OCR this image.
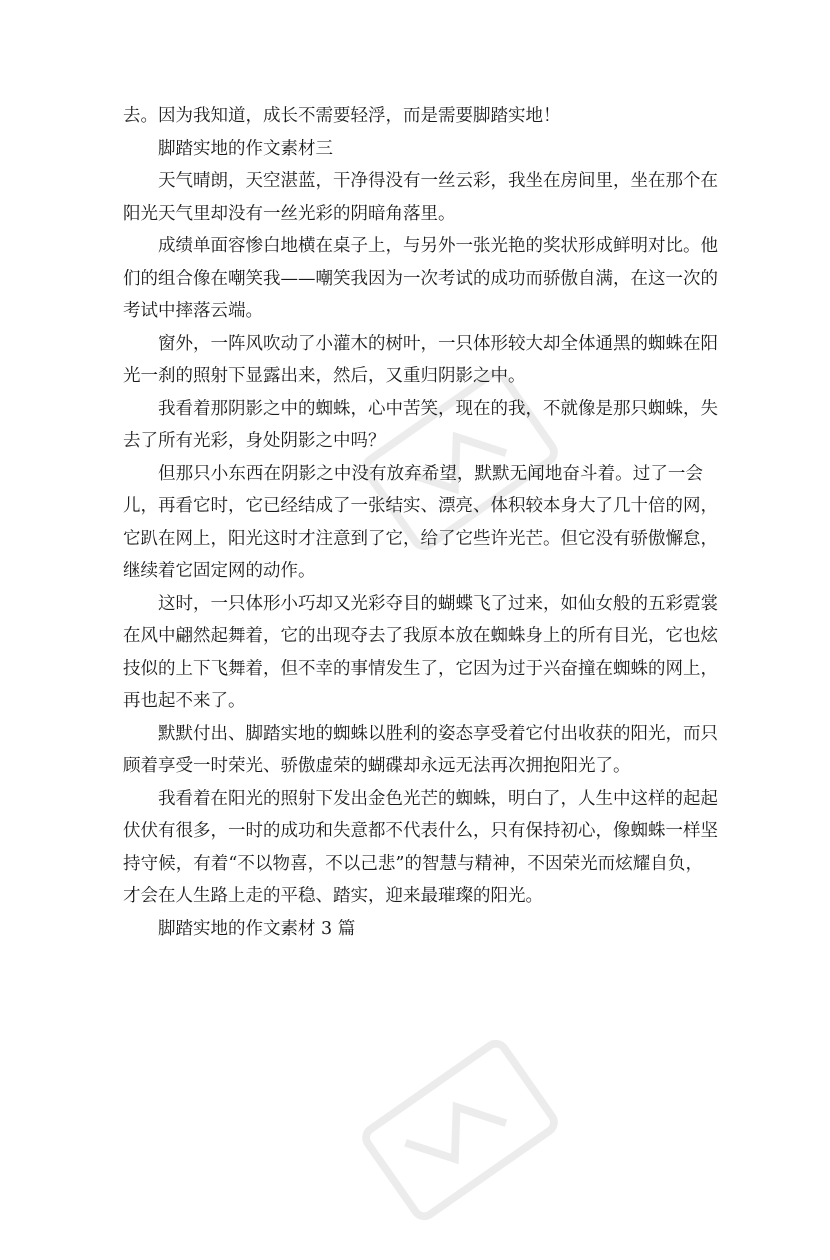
去。因为我知道，成长不需要轻浮，而是需要脚踏实地！
脚踏实地的作文素材三
天气晴朗，天空湛蓝，干净得没有一丝云彩，我坐在房间里，坐在那个在
阳光天气里却没有一丝光彩的阴暗角落里。
成绩单面容惨白地横在桌子上，与另外一张光艳的奖状形成鲜明对比。他
们的组合像在嘲笑我——嘲笑我因为一次考试的成功而骄傲自满，在这一次的
考试中摔落云端。
窗外，一阵风吹动了小灌木的树叶，一只体形较大却全体通黑的蜘蛛在阳
光一刹的照射下显露出来，然后，又重归阴影之中。
我看着那阴影之中的蜘蛛，心中苦笑，现在的我，不就像是那只蜘蛛，失
去了所有光彩，身处阴影之中吗？
但那只小东西在阴影之中没有放弃希望，默默无闻地奋斗着。过了一会
儿，再看它时，它已经结成了一张结实、漂亮、体积较本身大了几十倍的网，
它趴在网上，阳光这时才注意到了它，给了它些许光芒。但它没有骄傲懈怠，
继续着它固定网的动作。
这时，一只体形小巧却又光彩夺目的蝴蝶飞了过来，如仙女般的五彩霓裳
在风中翩然起舞着，它的出现夺去了我原本放在蜘蛛身上的所有目光，它也炫
技似的上下飞舞着，但不幸的事情发生了，它因为过于兴奋撞在蜘蛛的网上，
再也起不来了。
默默付出、脚踏实地的蜘蛛以胜利的姿态享受着它付出收获的阳光，而只
顾着享受一时荣光、骄傲虚荣的蝴碟却永远无法再次拥抱阳光了。
我看着在阳光的照射下发出金色光芒的蜘蛛，明白了，人生中这样的起起
伏伏有很多，一时的成功和失意都不代表什么，只有保持初心，像蜘蛛一样坚
持守候，有着“不以物喜，不以己悲”的智慧与精神，不因荣光而炫耀自负，
才会在人生路上走的平稳、踏实，迎来最璀璨的阳光。
脚踏实地的作文素材 3 篇
